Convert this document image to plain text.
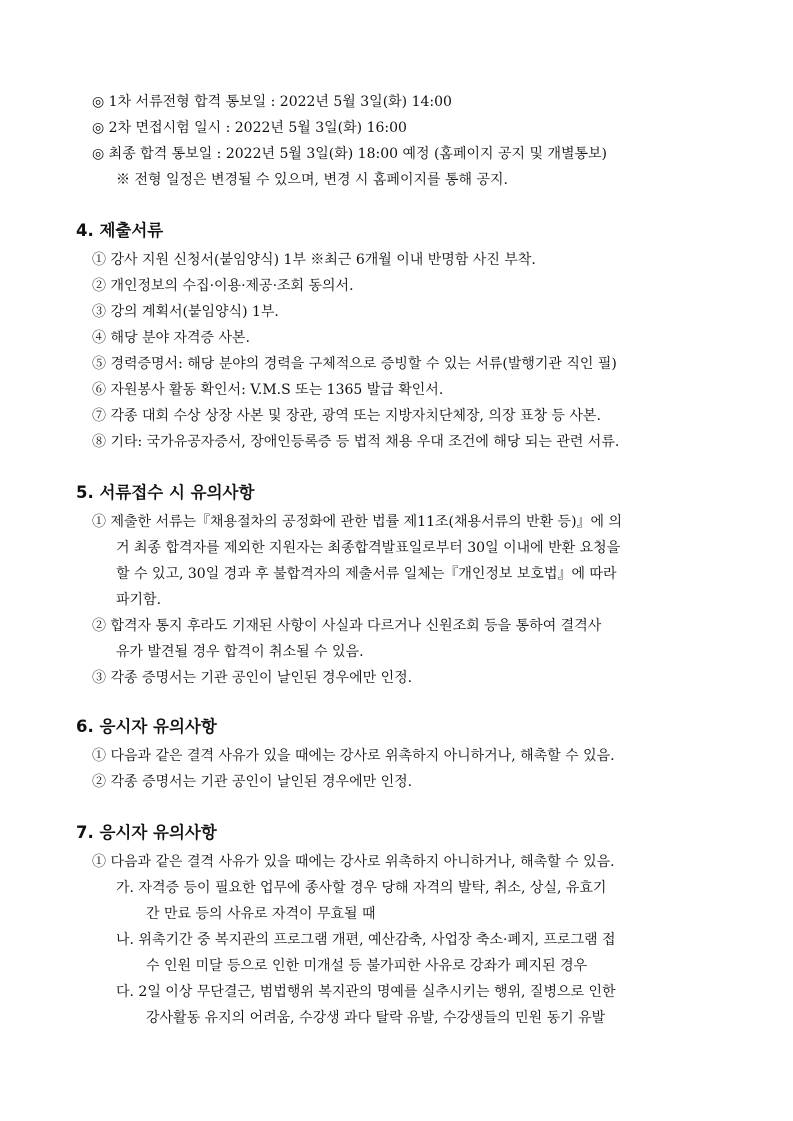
◎ 1차 서류전형 합격 통보일 : 2022년 5월 3일(화) 14:00
◎ 2차 면접시험 일시 : 2022년 5월 3일(화) 16:00
◎ 최종 합격 통보일 : 2022년 5월 3일(화) 18:00 예정 (홈페이지 공지 및 개별통보)
※ 전형 일정은 변경될 수 있으며, 변경 시 홈페이지를 통해 공지.
4. 제출서류
① 강사 지원 신청서(붙임양식) 1부 ※최근 6개월 이내 반명함 사진 부착.
② 개인정보의 수집·이용·제공·조회 동의서.
③ 강의 계획서(붙임양식) 1부.
④ 해당 분야 자격증 사본.
⑤ 경력증명서: 해당 분야의 경력을 구체적으로 증빙할 수 있는 서류(발행기관 직인 필)
⑥ 자원봉사 활동 확인서: V.M.S 또는 1365 발급 확인서.
⑦ 각종 대회 수상 상장 사본 및 장관, 광역 또는 지방자치단체장, 의장 표창 등 사본.
⑧ 기타: 국가유공자증서, 장애인등록증 등 법적 채용 우대 조건에 해당 되는 관련 서류.
5. 서류접수 시 유의사항
① 제출한 서류는『채용절차의 공정화에 관한 법률 제11조(채용서류의 반환 등)』에 의
거 최종 합격자를 제외한 지원자는 최종합격발표일로부터 30일 이내에 반환 요청을
할 수 있고, 30일 경과 후 불합격자의 제출서류 일체는『개인정보 보호법』에 따라
파기함.
② 합격자 통지 후라도 기재된 사항이 사실과 다르거나 신원조회 등을 통하여 결격사
유가 발견될 경우 합격이 취소될 수 있음.
③ 각종 증명서는 기관 공인이 날인된 경우에만 인정.
6. 응시자 유의사항
① 다음과 같은 결격 사유가 있을 때에는 강사로 위촉하지 아니하거나, 해촉할 수 있음.
② 각종 증명서는 기관 공인이 날인된 경우에만 인정.
7. 응시자 유의사항
① 다음과 같은 결격 사유가 있을 때에는 강사로 위촉하지 아니하거나, 해촉할 수 있음.
가. 자격증 등이 필요한 업무에 종사할 경우 당해 자격의 발탁, 취소, 상실, 유효기
간 만료 등의 사유로 자격이 무효될 때
나. 위촉기간 중 복지관의 프로그램 개편, 예산감축, 사업장 축소·폐지, 프로그램 접
수 인원 미달 등으로 인한 미개설 등 불가피한 사유로 강좌가 폐지된 경우
다. 2일 이상 무단결근, 범법행위 복지관의 명예를 실추시키는 행위, 질병으로 인한
강사활동 유지의 어려움, 수강생 과다 탈락 유발, 수강생들의 민원 동기 유발
